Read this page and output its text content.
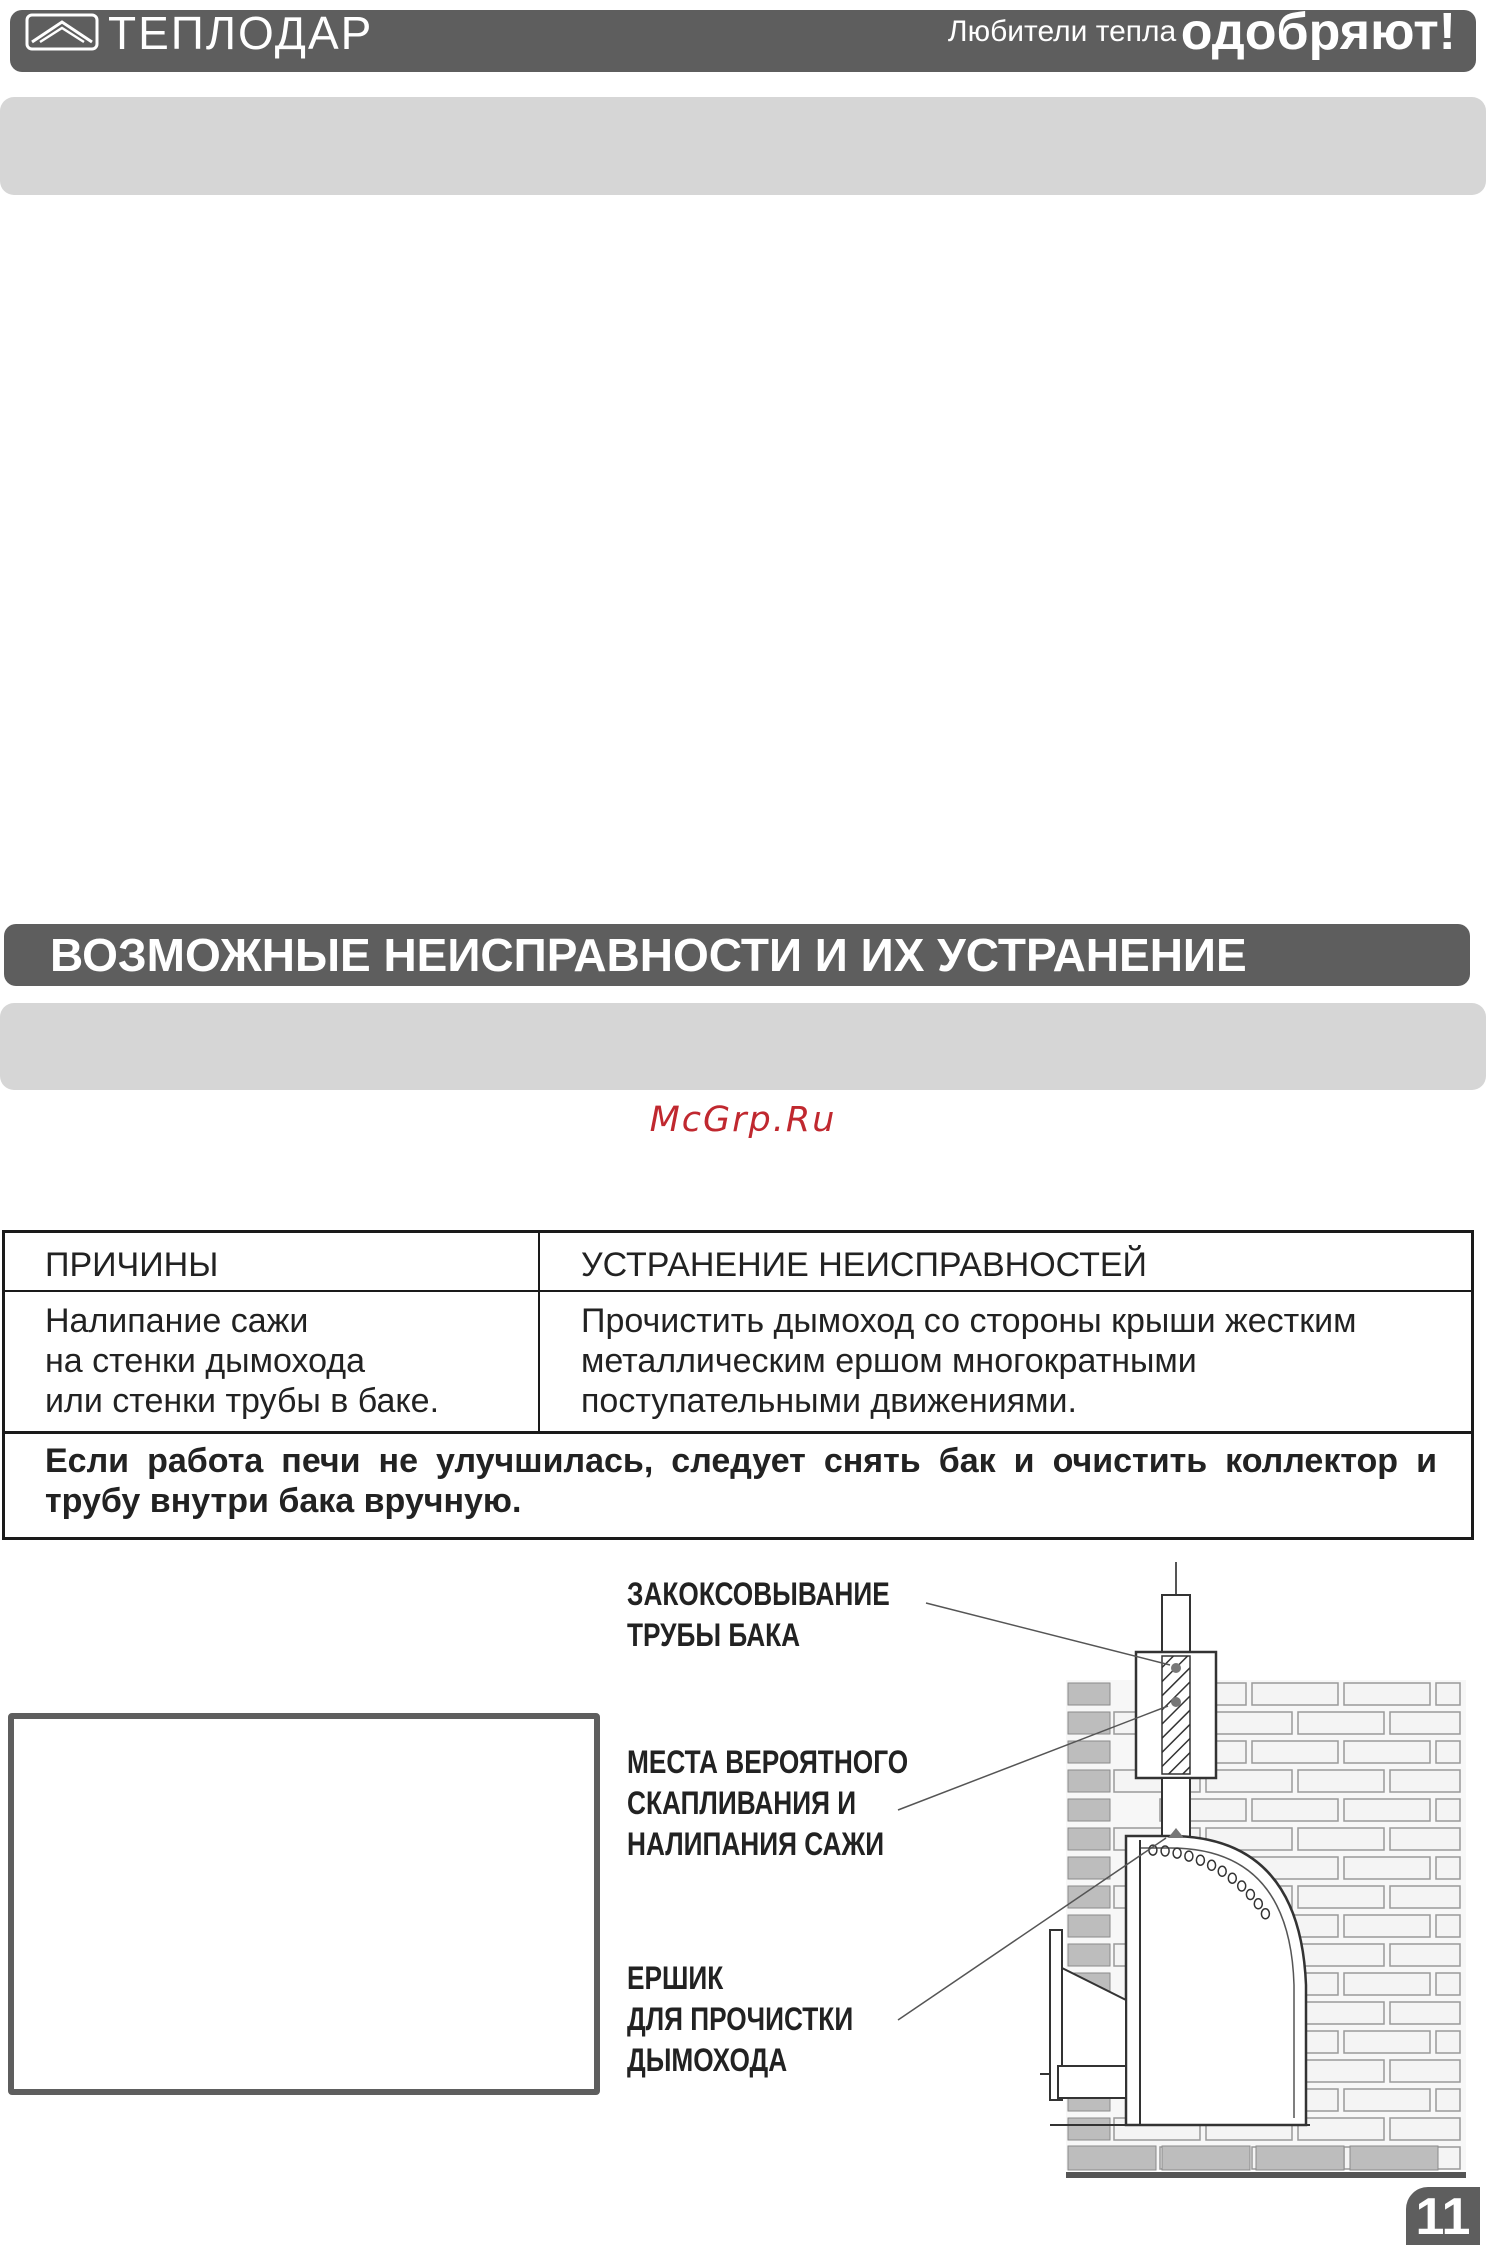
ТЕПЛОДАР	Любители тепла одобряют!
ВОЗМОЖНЫЕ НЕИСПРАВНОСТИ И ИХ УСТРАНЕНИЕ
McGrp.Ru
ПРИЧИНЫ	УСТРАНЕНИЕ НЕИСПРАВНОСТЕЙ
Налипание сажи
на стенки дымохода
или стенки трубы в баке.
Прочистить дымоход со стороны крыши жестким
металлическим ершом многократными
поступательными движениями.
Если работа печи не улучшилась, следует снять бак и очистить коллектор и трубу внутри бака вручную.
ЗАКОКСОВЫВАНИЕ
ТРУБЫ БАКА
МЕСТА ВЕРОЯТНОГО
СКАПЛИВАНИЯ И
НАЛИПАНИЯ САЖИ
ЕРШИК
ДЛЯ ПРОЧИСТКИ
ДЫМОХОДА
11
